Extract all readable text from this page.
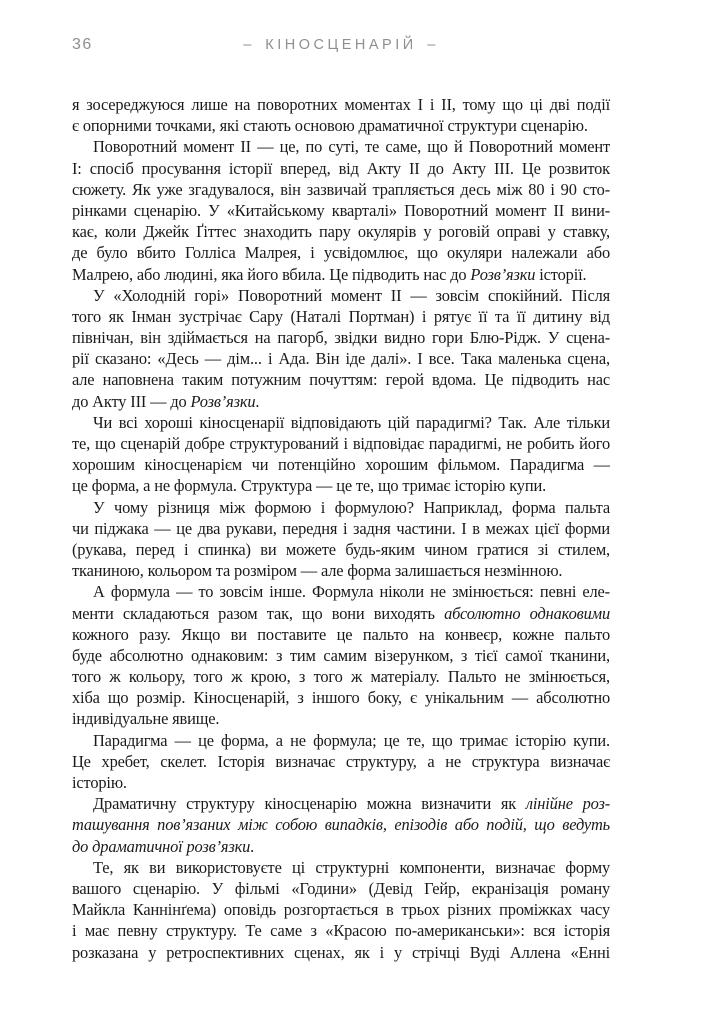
36	– КІНОСЦЕНАРІЙ –
я зосереджуюся лише на поворотних моментах I і II, тому що ці дві події
є опорними точками, які стають основою драматичної структури сценарію.
Поворотний момент II — це, по суті, те саме, що й Поворотний момент
I: спосіб просування історії вперед, від Акту II до Акту III. Це розвиток
сюжету. Як уже згадувалося, він зазвичай трапляється десь між 80 і 90 сто-
рінками сценарію. У «Китайському кварталі» Поворотний момент II вини-
кає, коли Джейк Ґіттес знаходить пару окулярів у роговій оправі у ставку,
де було вбито Голліса Малрея, і усвідомлює, що окуляри належали або
Малрею, або людині, яка його вбила. Це підводить нас до Розв’язки історії.
У «Холодній горі» Поворотний момент II — зовсім спокійний. Після
того як Інман зустрічає Сару (Наталі Портман) і рятує її та її дитину від
північан, він здіймається на пагорб, звідки видно гори Блю-Рідж. У сцена-
рії сказано: «Десь — дім... і Ада. Він іде далі». І все. Така маленька сцена,
але наповнена таким потужним почуттям: герой вдома. Це підводить нас
до Акту III — до Розв’язки.
Чи всі хороші кіносценарії відповідають цій парадигмі? Так. Але тільки
те, що сценарій добре структурований і відповідає парадигмі, не робить його
хорошим кіносценарієм чи потенційно хорошим фільмом. Парадигма —
це форма, а не формула. Структура — це те, що тримає історію купи.
У чому різниця між формою і формулою? Наприклад, форма пальта
чи піджака — це два рукави, передня і задня частини. І в межах цієї форми
(рукава, перед і спинка) ви можете будь-яким чином гратися зі стилем,
тканиною, кольором та розміром — але форма залишається незмінною.
А формула — то зовсім інше. Формула ніколи не змінюється: певні еле-
менти складаються разом так, що вони виходять абсолютно однаковими
кожного разу. Якщо ви поставите це пальто на конвеєр, кожне пальто
буде абсолютно однаковим: з тим самим візерунком, з тієї самої тканини,
того ж кольору, того ж крою, з того ж матеріалу. Пальто не змінюється,
хіба що розмір. Кіносценарій, з іншого боку, є унікальним — абсолютно
індивідуальне явище.
Парадигма — це форма, а не формула; це те, що тримає історію купи.
Це хребет, скелет. Історія визначає структуру, а не структура визначає
історію.
Драматичну структуру кіносценарію можна визначити як лінійне роз-
ташування пов’язаних між собою випадків, епізодів або подій, що ведуть
до драматичної розв’язки.
Те, як ви використовуєте ці структурні компоненти, визначає форму
вашого сценарію. У фільмі «Години» (Девід Гейр, екранізація роману
Майкла Каннінґема) оповідь розгортається в трьох різних проміжках часу
і має певну структуру. Те саме з «Красою по-американськи»: вся історія
розказана у ретроспективних сценах, як і у стрічці Вуді Аллена «Енні
